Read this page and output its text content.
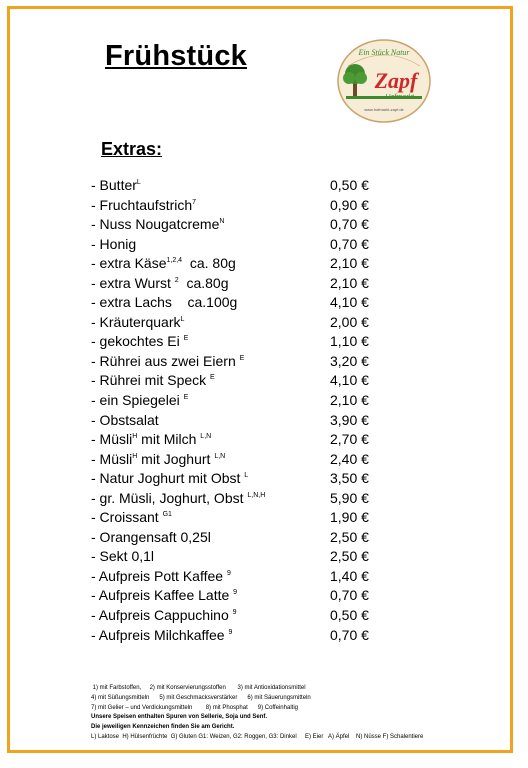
Frühstück	Ein Stück Natur
Zapf
Hofmarkt
www.hofmarkt-zapf.de
Extras:
- Butter$^L$	0,50 €
- Fruchtaufstrich$^7$	0,90 €
- Nuss Nougatcreme$^N$	0,70 €
- Honig	0,70 €
- extra Käse$^{1,2,4}$  ca. 80g	2,10 €
- extra Wurst $^2$  ca.80g	2,10 €
- extra Lachs    ca.100g	4,10 €
- Kräuterquark$^L$	2,00 €
- gekochtes Ei $^E$	1,10 €
- Rührei aus zwei Eiern $^E$	3,20 €
- Rührei mit Speck $^E$	4,10 €
- ein Spiegelei $^E$	2,10 €
- Obstsalat	3,90 €
- Müsli$^H$ mit Milch $^{L,N}$	2,70 €
- Müsli$^H$ mit Joghurt $^{L,N}$	2,40 €
- Natur Joghurt mit Obst $^L$	3,50 €
- gr. Müsli, Joghurt, Obst $^{L,N,H}$	5,90 €
- Croissant $^{G1}$	1,90 €
- Orangensaft 0,25l	2,50 €
- Sekt 0,1l	2,50 €
- Aufpreis Pott Kaffee $^9$	1,40 €
- Aufpreis Kaffee Latte $^9$	0,70 €
- Aufpreis Cappuchino $^9$	0,50 €
- Aufpreis Milchkaffee $^9$	0,70 €
1) mit Farbstoffen,     2) mit Konservierungsstoffen       3) mit Antioxidationsmittel
4) mit Süßungsmitteln      5) mit Geschmacksverstärker      6) mit Säuerungsmitteln
7) mit Gelier – und Verdickungsmitteln        8) mit Phosphat      9) Coffeinhaltig
Unsere Speisen enthalten Spuren von Sellerie, Soja und Senf.
Die jeweiligen Kennzeichen finden Sie am Gericht.
L) Laktose  H) Hülsenfrüchte  G) Gluten G1: Weizen, G2: Roggen, G3: Dinkel     E) Eier   A) Äpfel    N) Nüsse F) Schalentiere
